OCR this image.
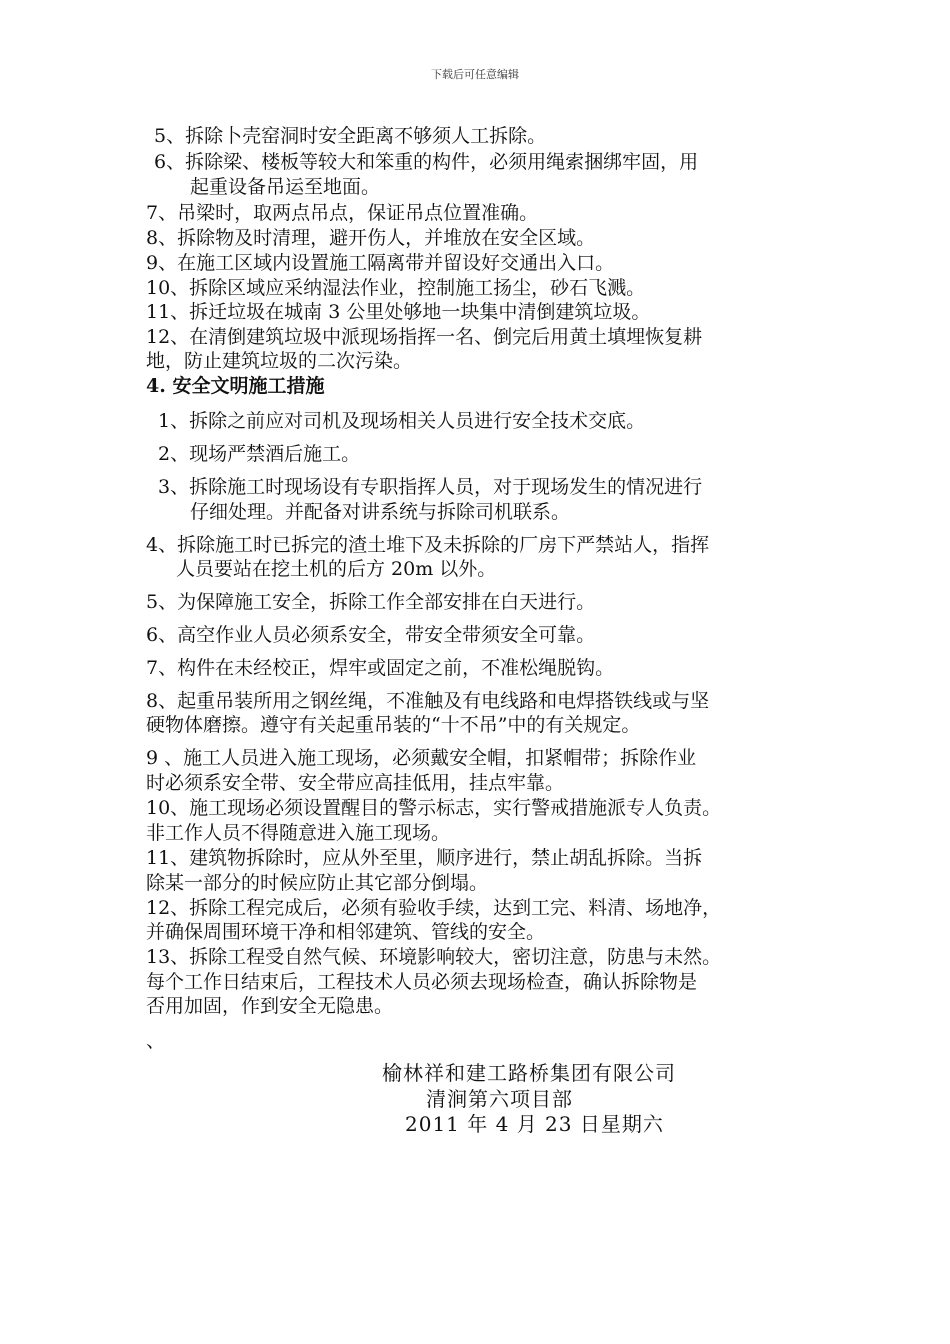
下载后可任意编辑
5、拆除卜壳窑洞时安全距离不够须人工拆除。
6、拆除梁、楼板等较大和笨重的构件，必须用绳索捆绑牢固，用
起重设备吊运至地面。
7、吊梁时，取两点吊点，保证吊点位置准确。
8、拆除物及时清理，避开伤人，并堆放在安全区域。
9、在施工区域内设置施工隔离带并留设好交通出入口。
10、拆除区域应采纳湿法作业，控制施工扬尘，砂石飞溅。
11、拆迁垃圾在城南 3 公里处够地一块集中清倒建筑垃圾。
12、在清倒建筑垃圾中派现场指挥一名、倒完后用黄土填埋恢复耕
地，防止建筑垃圾的二次污染。
4. 安全文明施工措施
1、拆除之前应对司机及现场相关人员进行安全技术交底。
2、现场严禁酒后施工。
3、拆除施工时现场设有专职指挥人员，对于现场发生的情况进行
仔细处理。并配备对讲系统与拆除司机联系。
4、拆除施工时已拆完的渣土堆下及未拆除的厂房下严禁站人，指挥
人员要站在挖土机的后方 20m 以外。
5、为保障施工安全，拆除工作全部安排在白天进行。
6、高空作业人员必须系安全，带安全带须安全可靠。
7、构件在未经校正，焊牢或固定之前，不准松绳脱钩。
8、起重吊装所用之钢丝绳，不准触及有电线路和电焊搭铁线或与坚
硬物体磨擦。遵守有关起重吊装的“十不吊”中的有关规定。
9 、施工人员进入施工现场，必须戴安全帽，扣紧帽带；拆除作业
时必须系安全带、安全带应高挂低用，挂点牢靠。
10、施工现场必须设置醒目的警示标志，实行警戒措施派专人负责。
非工作人员不得随意进入施工现场。
11、建筑物拆除时，应从外至里，顺序进行，禁止胡乱拆除。当拆
除某一部分的时候应防止其它部分倒塌。
12、拆除工程完成后，必须有验收手续，达到工完、料清、场地净，
并确保周围环境干净和相邻建筑、管线的安全。
13、拆除工程受自然气候、环境影响较大，密切注意，防患与未然。
每个工作日结束后，工程技术人员必须去现场检查，确认拆除物是
否用加固，作到安全无隐患。
、
榆林祥和建工路桥集团有限公司
清涧第六项目部
2011 年 4 月 23 日星期六
